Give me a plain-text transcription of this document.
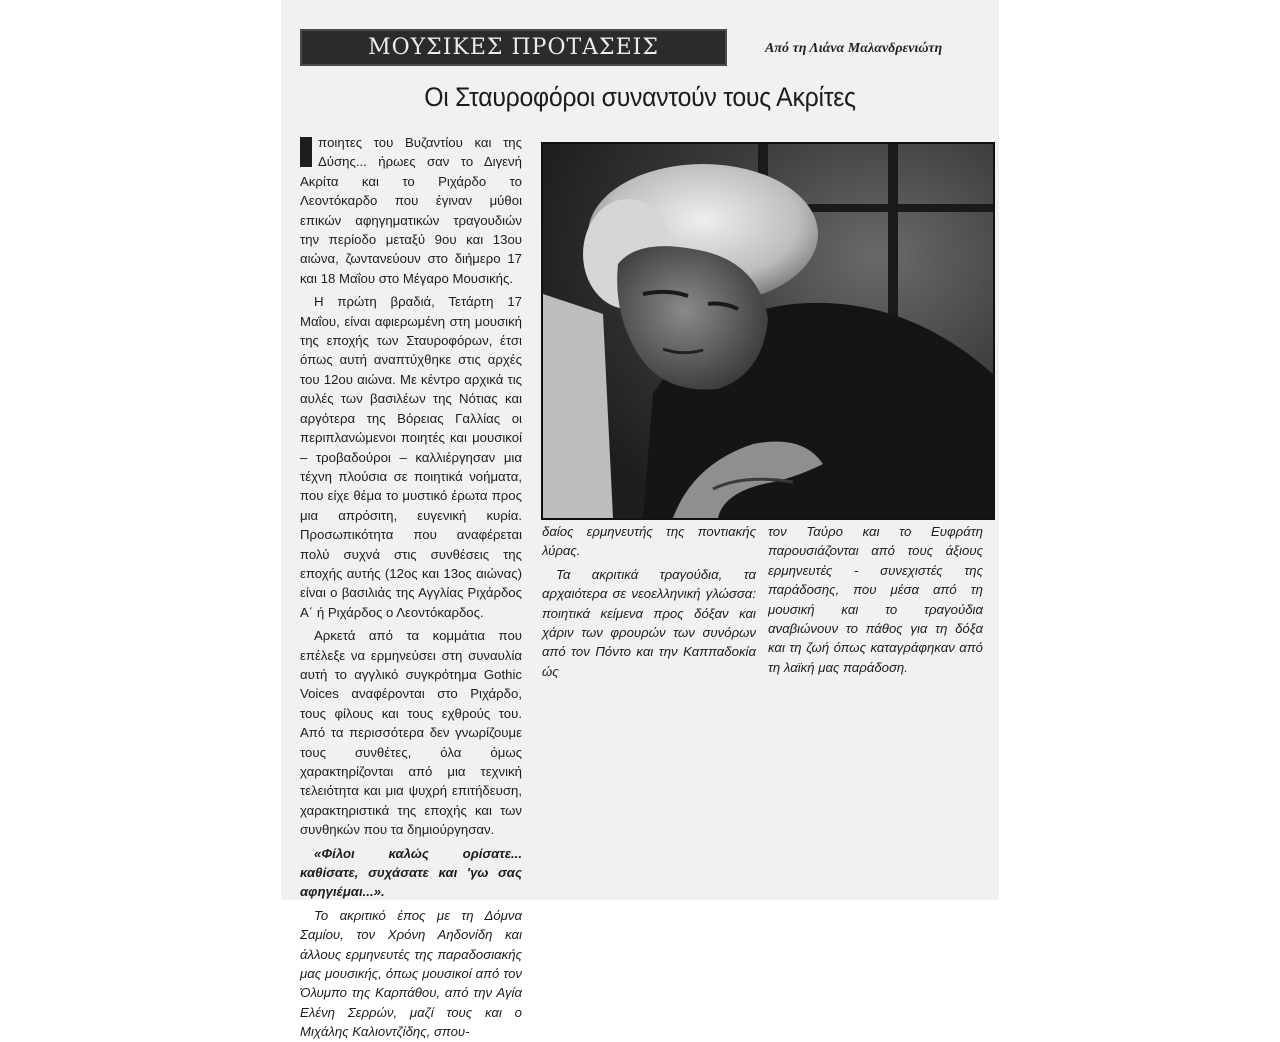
ΜΟΥΣΙΚΕΣ ΠΡΟΤΑΣΕΙΣ	Από τη Λιάνα Μαλανδρενιώτη
Οι Σταυροφόροι συναντούν τους Ακρίτες

πoιητες του Βυζαντίου και της Δύσης... ήρωες σαν το Διγενή Ακρίτα και το Ριχάρδο το Λεοντόκαρδο που έγιναν μύθοι επικών αφηγηματικών τραγουδιών την περίοδο μεταξύ 9ου και 13ου αιώνα, ζωντανεύουν στο διήμερο 17 και 18 Μαΐου στο Μέγαρο Μουσικής.

Η πρώτη βραδιά, Τετάρτη 17 Μαΐου, είναι αφιερωμένη στη μουσική της εποχής των Σταυροφόρων, έτσι όπως αυτή αναπτύχθηκε στις αρχές του 12ου αιώνα. Με κέντρο αρχικά τις αυλές των βασιλέων της Νότιας και αργότερα της Βόρειας Γαλλίας οι περιπλανώμενοι ποιητές και μουσικοί – τροβαδούροι – καλλιέργησαν μια τέχνη πλούσια σε ποιητικά νοήματα, που είχε θέμα το μυστικό έρωτα προς μια απρόσιτη, ευγενική κυρία. Προσωπικότητα που αναφέρεται πολύ συχνά στις συνθέσεις της εποχής αυτής (12ος και 13ος αιώνας) είναι ο βασιλιάς της Αγγλίας Ριχάρδος Α΄ ή Ριχάρδος ο Λεοντόκαρδος.

Αρκετά από τα κομμάτια που επέλεξε να ερμηνεύσει στη συναυλία αυτή το αγγλικό συγκρότημα Gothic Voices αναφέρονται στο Ριχάρδο, τους φίλους και τους εχθρούς του. Από τα περισσότερα δεν γνωρίζουμε τους συνθέτες, όλα όμως χαρακτηρίζονται από μια τεχνική τελειότητα και μια ψυχρή επιτήδευση, χαρακτηριστικά της εποχής και των συνθηκών που τα δημιούργησαν.

«Φίλοι καλώς ορίσατε... καθίσατε, συχάσατε και 'γω σας αφηγιέμαι...».

Το ακριτικό έπος με τη Δόμνα Σαμίου, τον Χρόνη Αηδονίδη και άλλους ερμηνευτές της παραδοσιακής μας μουσικής, όπως μουσικοί από τον Όλυμπο της Καρπάθου, από την Αγία Ελένη Σερρών, μαζί τους και ο Μιχάλης Καλιοντζίδης, σπου-

δαίος ερμηνευτής της ποντιακής λύρας.

Τα ακριτικά τραγούδια, τα αρχαιότερα σε νεοελληνική γλώσσα: ποιητικά κείμενα προς δόξαν και χάριν των φρουρών των συνόρων από τον Πόντο και την Καππαδοκία ώς

τον Ταύρο και το Ευφράτη παρουσιάζονται από τους άξιους ερμηνευτές - συνεχιστές της παράδοσης, που μέσα από τη μουσική και το τραγούδια αναβιώνουν το πάθος για τη δόξα και τη ζωή όπως καταγράφηκαν από τη λαϊκή μας παράδοση.
